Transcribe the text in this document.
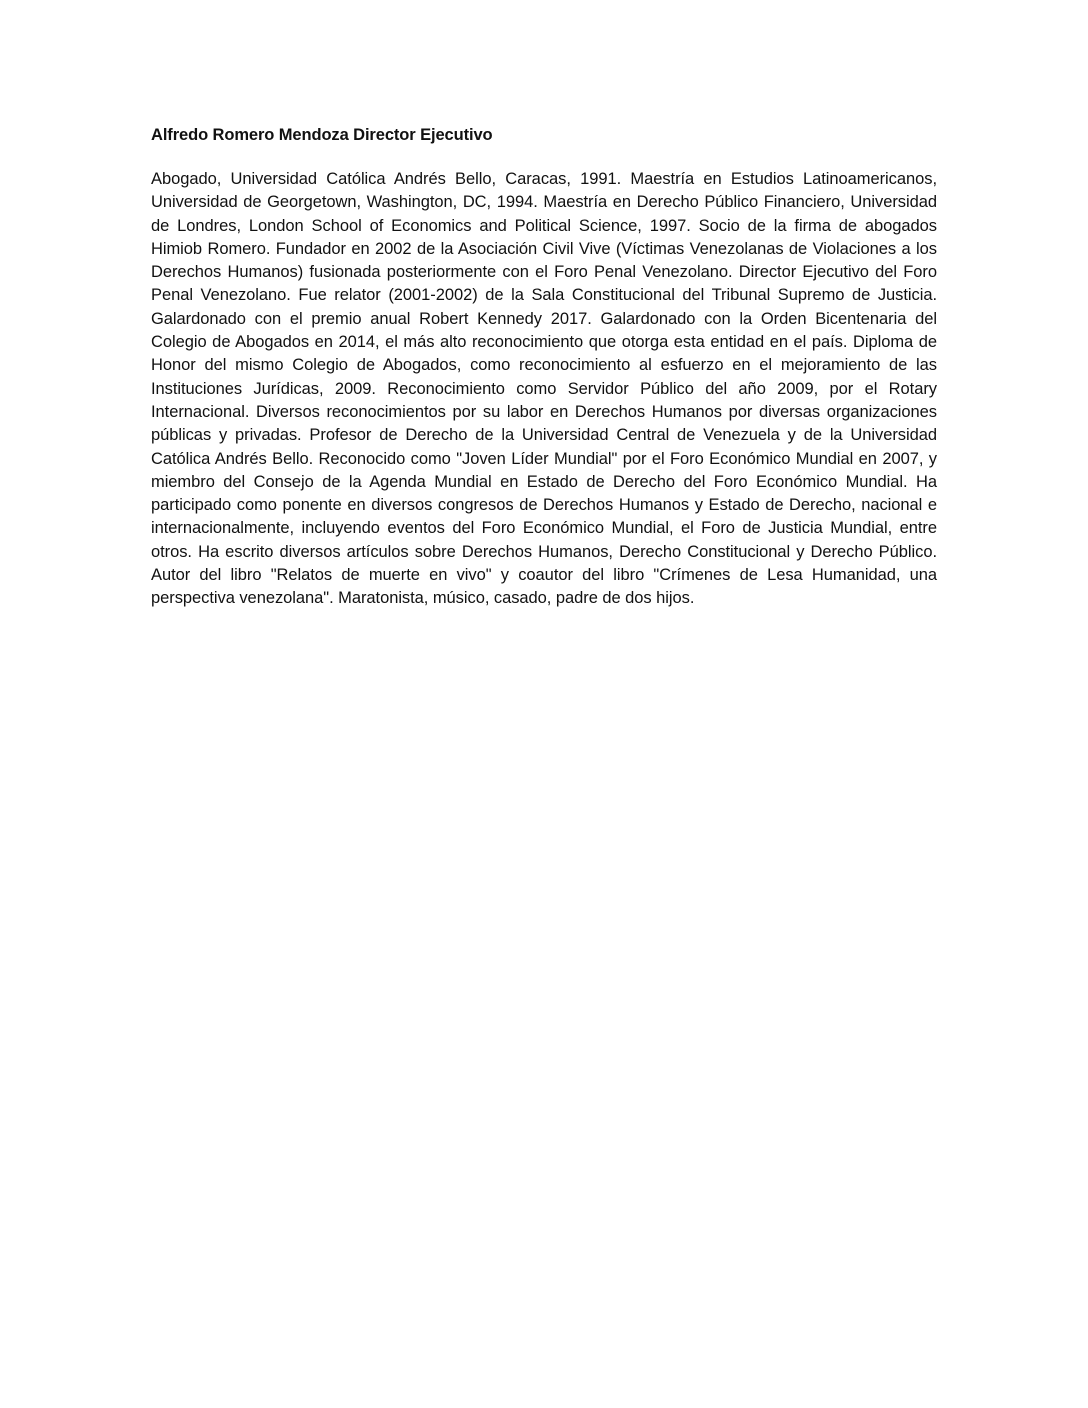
Alfredo Romero Mendoza Director Ejecutivo

Abogado, Universidad Católica Andrés Bello, Caracas, 1991. Maestría en Estudios Latinoamericanos, Universidad de Georgetown, Washington, DC, 1994. Maestría en Derecho Público Financiero, Universidad de Londres, London School of Economics and Political Science, 1997. Socio de la firma de abogados Himiob Romero. Fundador en 2002 de la Asociación Civil Vive (Víctimas Venezolanas de Violaciones a los Derechos Humanos) fusionada posteriormente con el Foro Penal Venezolano. Director Ejecutivo del Foro Penal Venezolano. Fue relator (2001-2002) de la Sala Constitucional del Tribunal Supremo de Justicia. Galardonado con el premio anual Robert Kennedy 2017. Galardonado con la Orden Bicentenaria del Colegio de Abogados en 2014, el más alto reconocimiento que otorga esta entidad en el país. Diploma de Honor del mismo Colegio de Abogados, como reconocimiento al esfuerzo en el mejoramiento de las Instituciones Jurídicas, 2009. Reconocimiento como Servidor Público del año 2009, por el Rotary Internacional. Diversos reconocimientos por su labor en Derechos Humanos por diversas organizaciones públicas y privadas. Profesor de Derecho de la Universidad Central de Venezuela y de la Universidad Católica Andrés Bello. Reconocido como "Joven Líder Mundial" por el Foro Económico Mundial en 2007, y miembro del Consejo de la Agenda Mundial en Estado de Derecho del Foro Económico Mundial. Ha participado como ponente en diversos congresos de Derechos Humanos y Estado de Derecho, nacional e internacionalmente, incluyendo eventos del Foro Económico Mundial, el Foro de Justicia Mundial, entre otros. Ha escrito diversos artículos sobre Derechos Humanos, Derecho Constitucional y Derecho Público. Autor del libro "Relatos de muerte en vivo" y coautor del libro "Crímenes de Lesa Humanidad, una perspectiva venezolana". Maratonista, músico, casado, padre de dos hijos.
